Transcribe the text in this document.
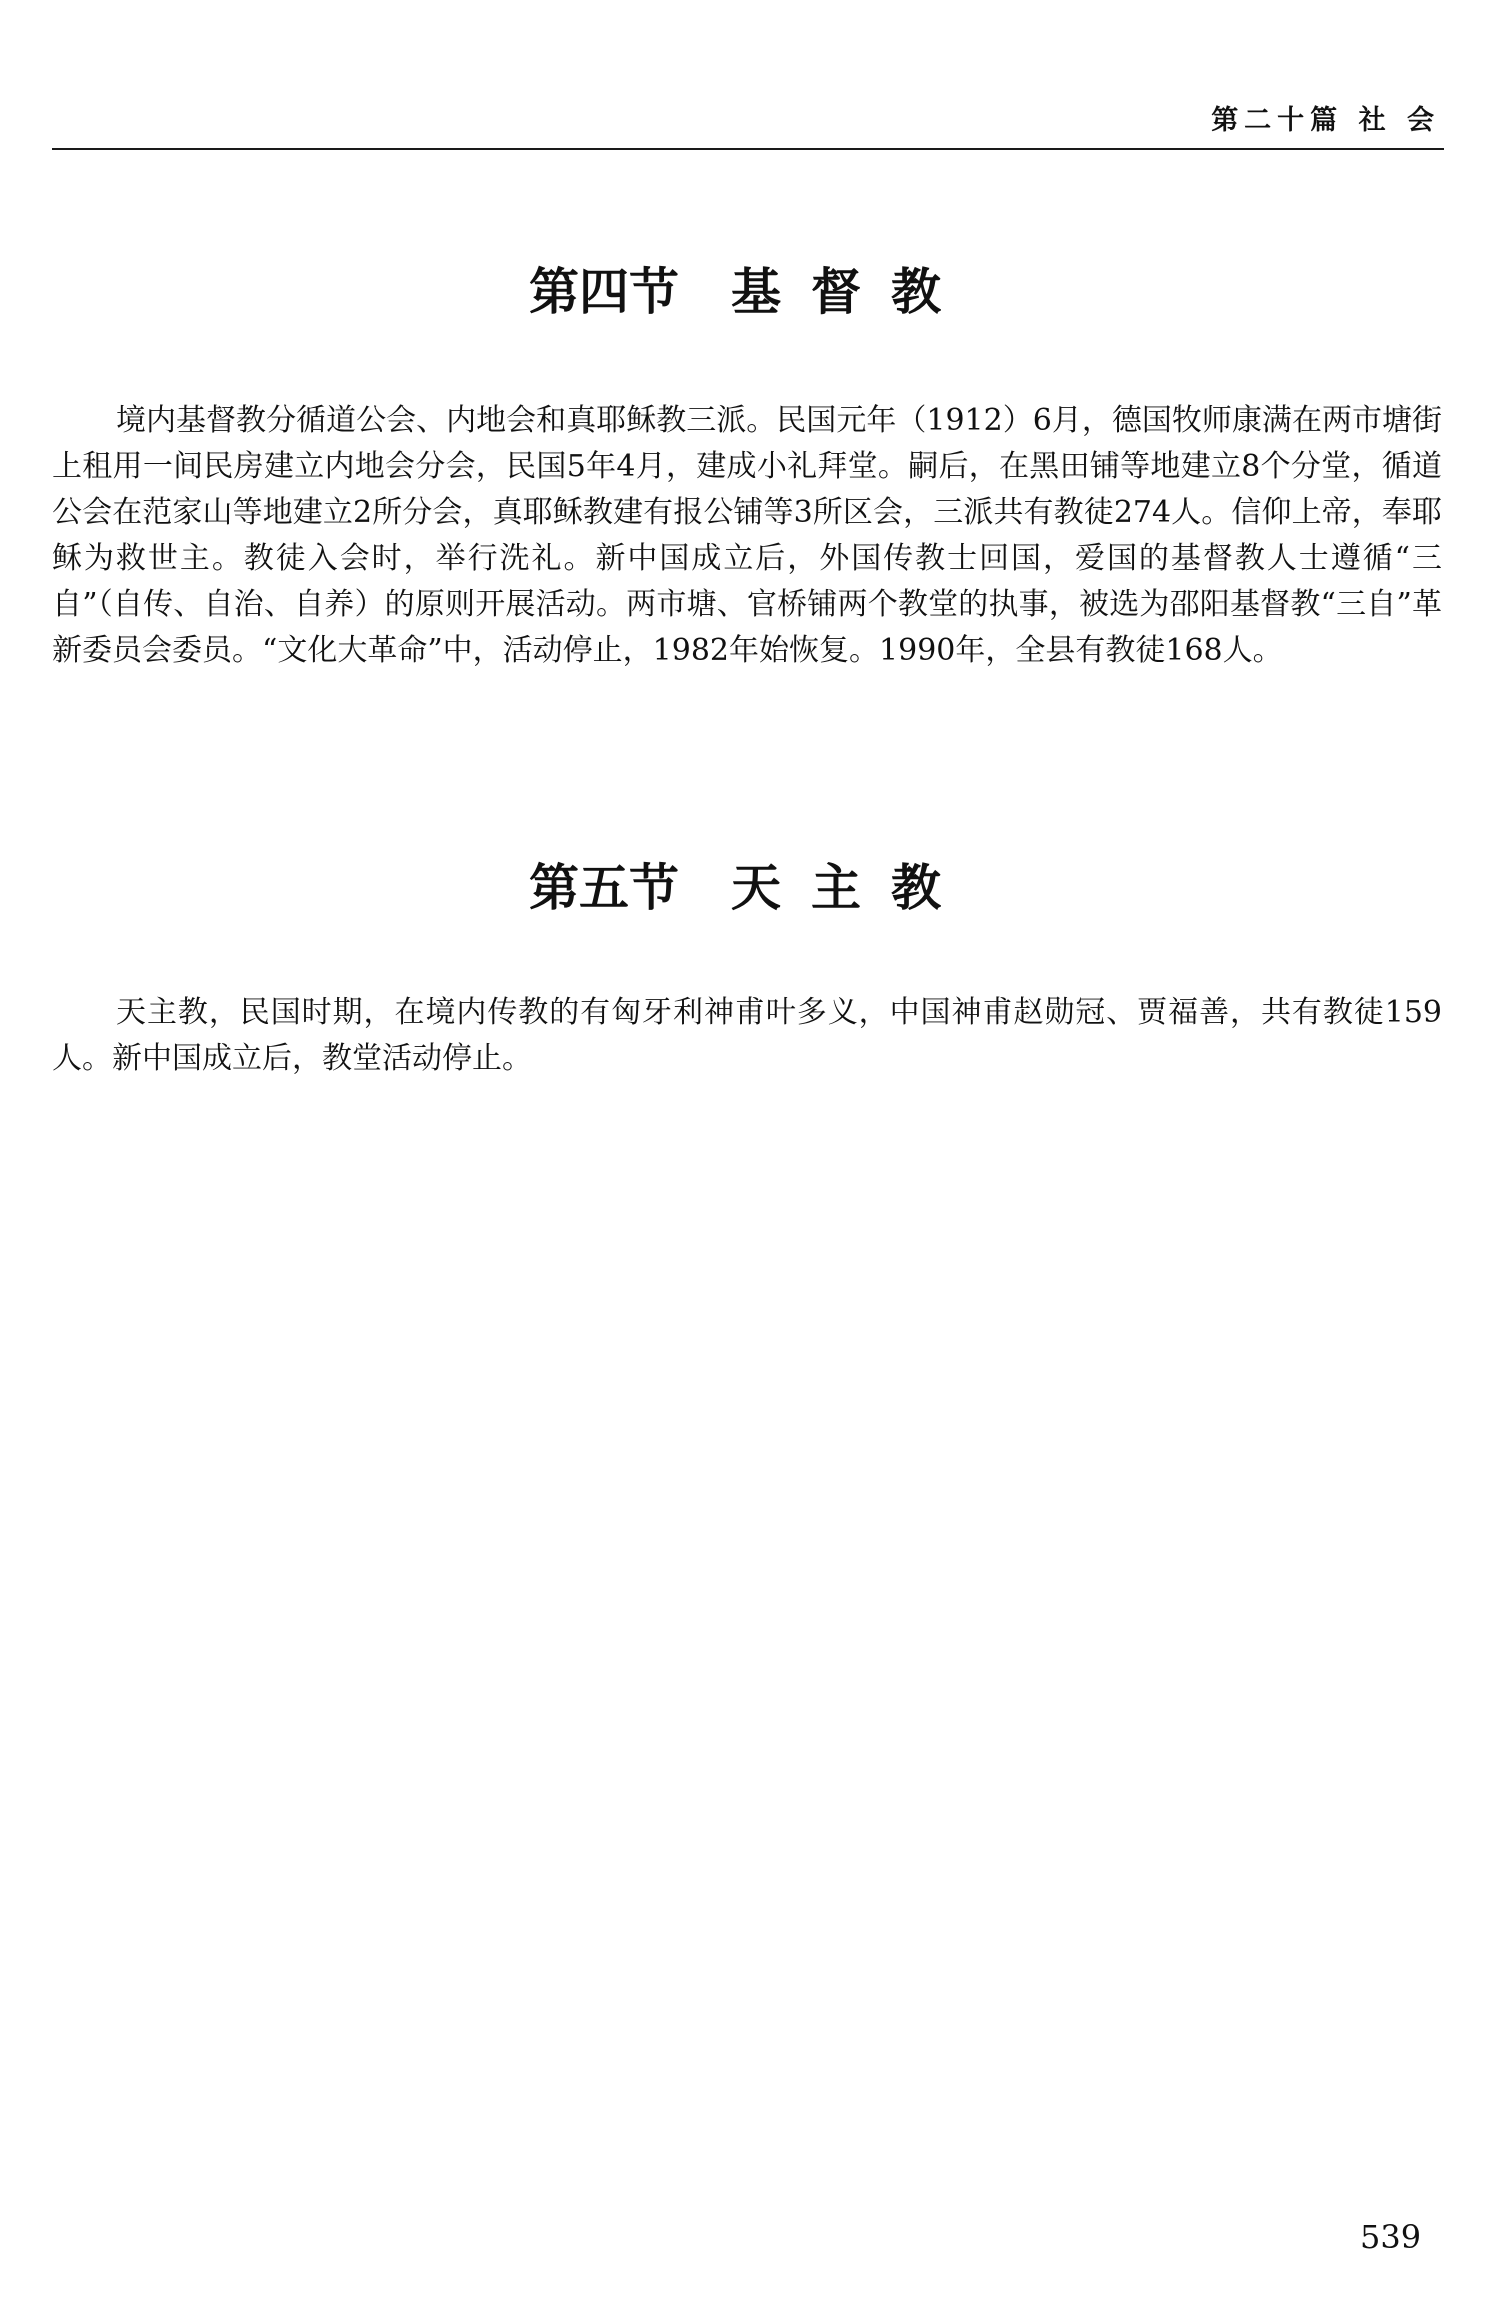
第二十篇 社 会
第四节 基督教

境内基督教分循道公会、内地会和真耶稣教三派。民国元年（1912）6月，德国牧师康满在两市塘街上租用一间民房建立内地会分会，民国5年4月，建成小礼拜堂。嗣后，在黑田铺等地建立8个分堂，循道公会在范家山等地建立2所分会，真耶稣教建有报公铺等3所区会，三派共有教徒274人。信仰上帝，奉耶稣为救世主。教徒入会时，举行洗礼。新中国成立后，外国传教士回国，爱国的基督教人士遵循“三自”（自传、自治、自养）的原则开展活动。两市塘、官桥铺两个教堂的执事，被选为邵阳基督教“三自”革新委员会委员。“文化大革命”中，活动停止，1982年始恢复。1990年，全县有教徒168人。

第五节 天主教

天主教，民国时期，在境内传教的有匈牙利神甫叶多义，中国神甫赵勋冠、贾福善，共有教徒159人。新中国成立后，教堂活动停止。

539
